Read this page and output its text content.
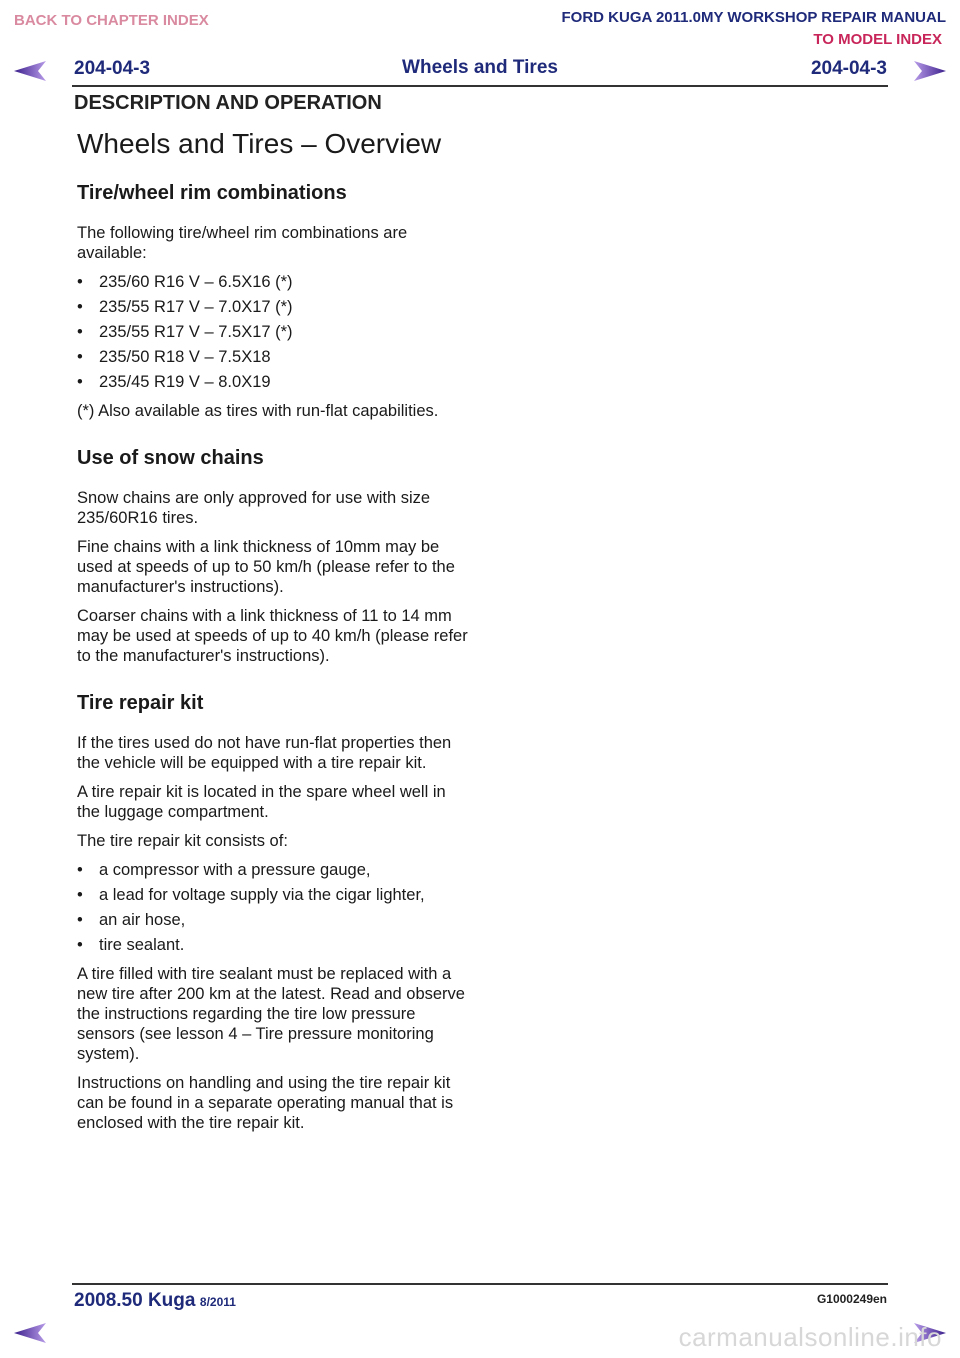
BACK TO CHAPTER INDEX	FORD KUGA 2011.0MY WORKSHOP REPAIR MANUAL
TO MODEL INDEX
204-04-3	Wheels and Tires	204-04-3
DESCRIPTION AND OPERATION
Wheels and Tires – Overview
Tire/wheel rim combinations

The following tire/wheel rim combinations are available:

• 235/60 R16 V – 6.5X16 (*)
• 235/55 R17 V – 7.0X17 (*)
• 235/55 R17 V – 7.5X17 (*)
• 235/50 R18 V – 7.5X18
• 235/45 R19 V – 8.0X19

(*) Also available as tires with run-flat capabilities.

Use of snow chains

Snow chains are only approved for use with size 235/60R16 tires.

Fine chains with a link thickness of 10mm may be used at speeds of up to 50 km/h (please refer to the manufacturer's instructions).

Coarser chains with a link thickness of 11 to 14 mm may be used at speeds of up to 40 km/h (please refer to the manufacturer's instructions).

Tire repair kit

If the tires used do not have run-flat properties then the vehicle will be equipped with a tire repair kit.

A tire repair kit is located in the spare wheel well in the luggage compartment.

The tire repair kit consists of:

• a compressor with a pressure gauge,
• a lead for voltage supply via the cigar lighter,
• an air hose,
• tire sealant.

A tire filled with tire sealant must be replaced with a new tire after 200 km at the latest. Read and observe the instructions regarding the tire low pressure sensors (see lesson 4 – Tire pressure monitoring system).

Instructions on handling and using the tire repair kit can be found in a separate operating manual that is enclosed with the tire repair kit.

2008.50 Kuga 8/2011	G1000249en
carmanualsonline.info
